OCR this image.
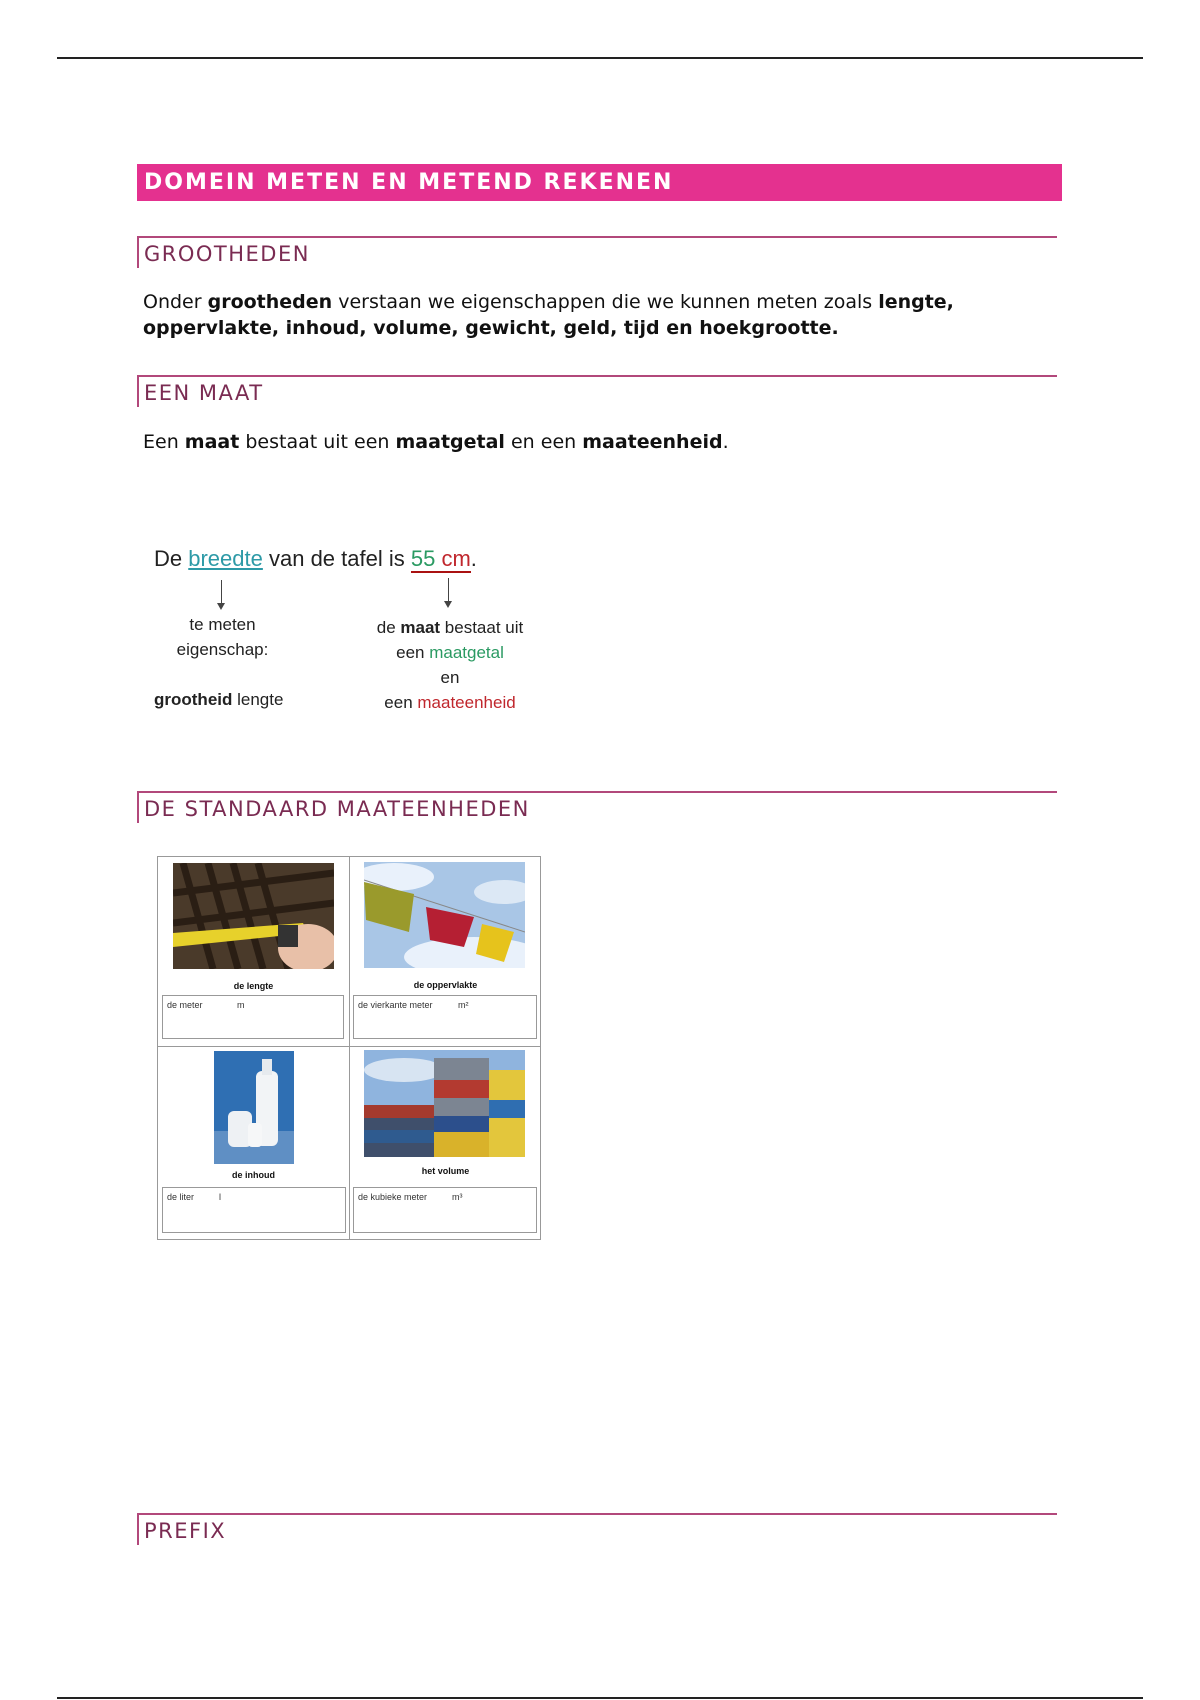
DOMEIN METEN EN METEND REKENEN
GROOTHEDEN
Onder grootheden verstaan we eigenschappen die we kunnen meten zoals lengte, oppervlakte, inhoud, volume, gewicht, geld, tijd en hoekgrootte.
EEN MAAT
Een maat bestaat uit een maatgetal en een maateenheid.
De breedte van de tafel is 55 cm.
te meten
eigenschap:
grootheid lengte
de maat bestaat uit
een maatgetal
en
een maateenheid
DE STANDAARD MAATEENHEDEN
de lengte
de meter	m
de oppervlakte
de vierkante meter	m²
de inhoud
de liter	l
het volume
de kubieke meter	m³
PREFIX
